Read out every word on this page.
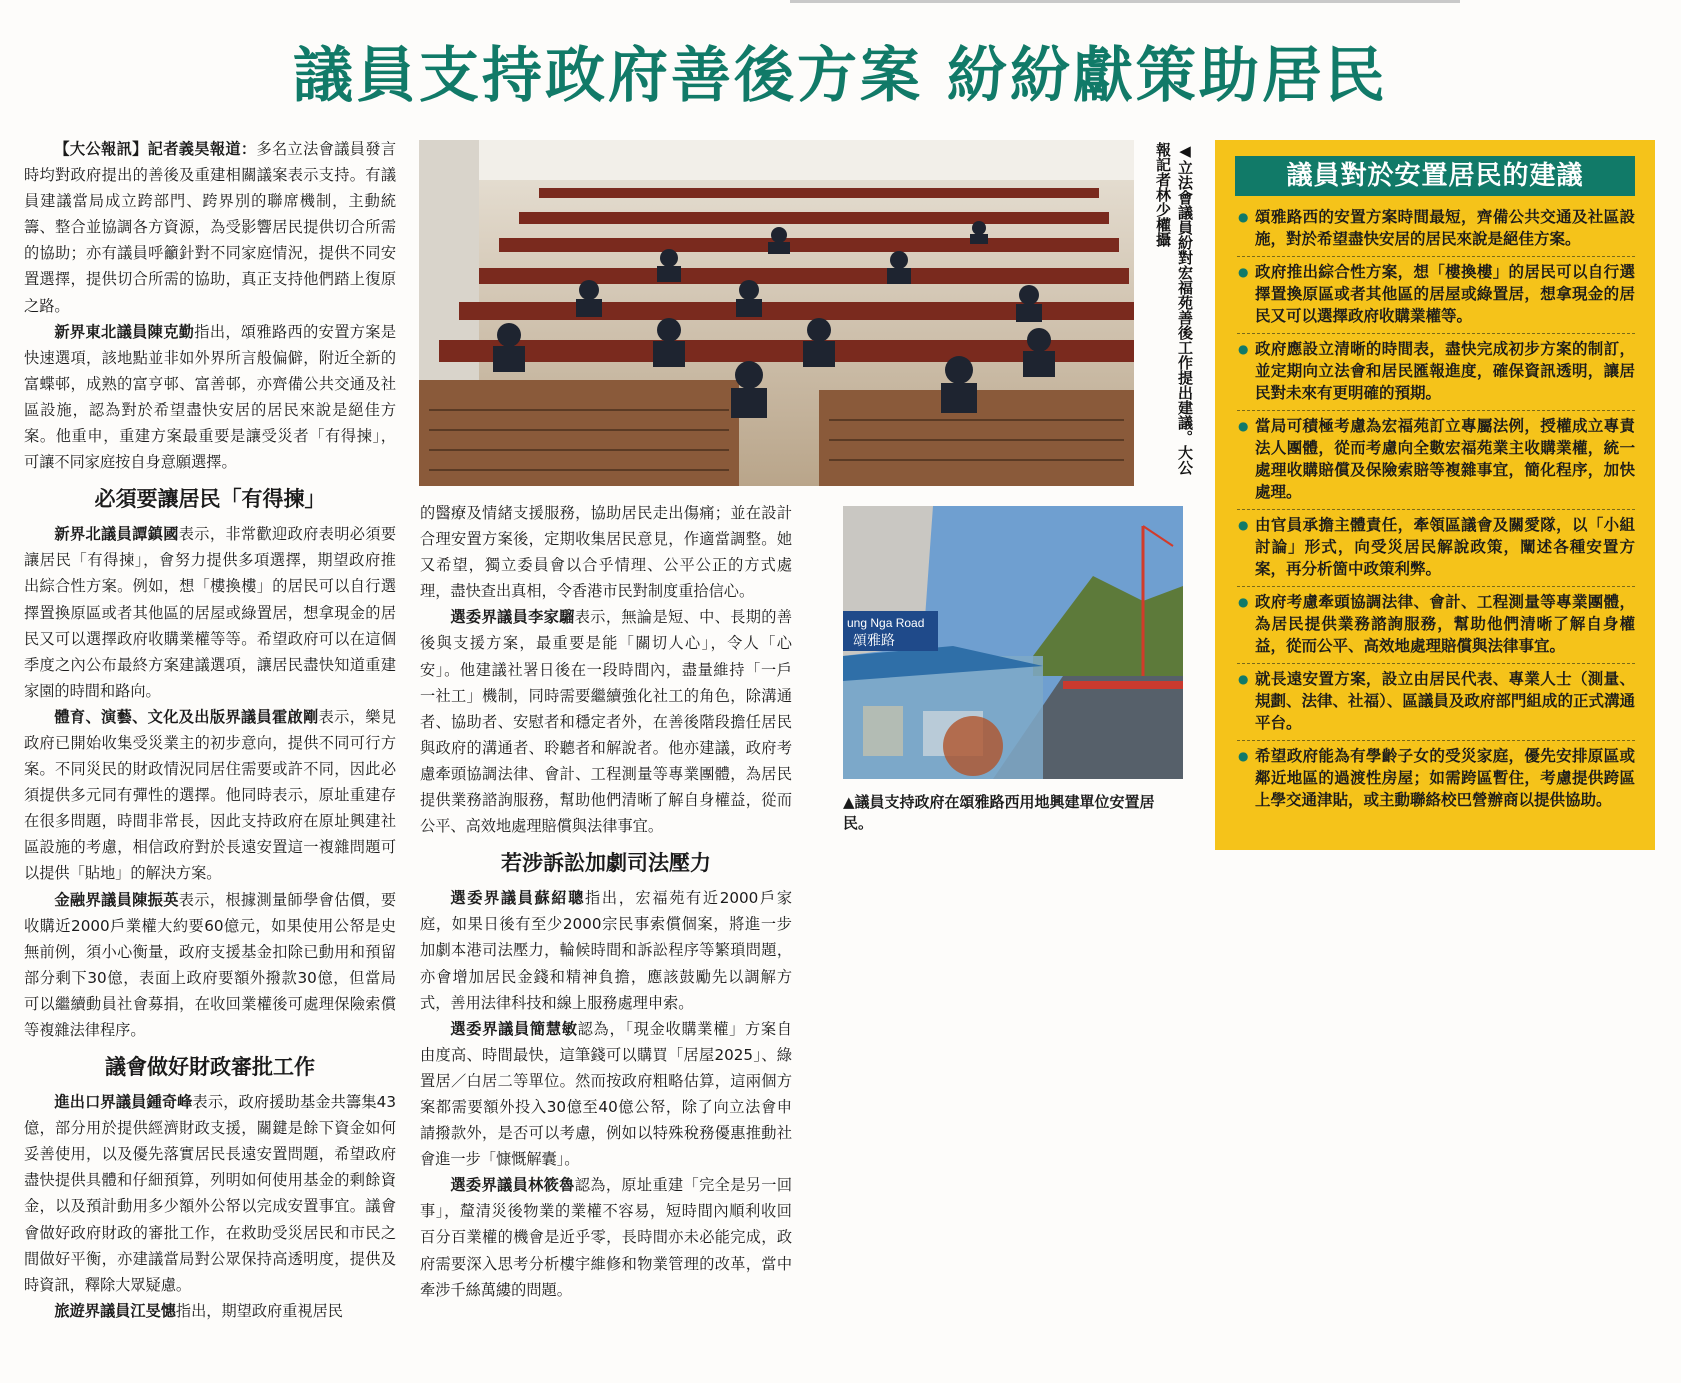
議員支持政府善後方案 紛紛獻策助居民

【大公報訊】記者義昊報道：多名立法會議員發言時均對政府提出的善後及重建相關議案表示支持。有議員建議當局成立跨部門、跨界別的聯席機制，主動統籌、整合並協調各方資源，為受影響居民提供切合所需的協助；亦有議員呼籲針對不同家庭情況，提供不同安置選擇，提供切合所需的協助，真正支持他們踏上復原之路。

新界東北議員陳克勤指出，頌雅路西的安置方案是快速選項，該地點並非如外界所言般偏僻，附近全新的富蝶邨，成熟的富亨邨、富善邨，亦齊備公共交通及社區設施，認為對於希望盡快安居的居民來說是絕佳方案。他重申，重建方案最重要是讓受災者「有得揀」，可讓不同家庭按自身意願選擇。

必須要讓居民「有得揀」

新界北議員譚鎮國表示，非常歡迎政府表明必須要讓居民「有得揀」，會努力提供多項選擇，期望政府推出綜合性方案。例如，想「樓換樓」的居民可以自行選擇置換原區或者其他區的居屋或綠置居，想拿現金的居民又可以選擇政府收購業權等等。希望政府可以在這個季度之內公布最終方案建議選項，讓居民盡快知道重建家園的時間和路向。

體育、演藝、文化及出版界議員霍啟剛表示，樂見政府已開始收集受災業主的初步意向，提供不同可行方案。不同災民的財政情況同居住需要或許不同，因此必須提供多元同有彈性的選擇。他同時表示，原址重建存在很多問題，時間非常長，因此支持政府在原址興建社區設施的考慮，相信政府對於長遠安置這一複雜問題可以提供「貼地」的解決方案。

金融界議員陳振英表示，根據測量師學會估價，要收購近2000戶業權大約要60億元，如果使用公帑是史無前例，須小心衡量，政府支援基金扣除已動用和預留部分剩下30億，表面上政府要額外撥款30億，但當局可以繼續動員社會募捐，在收回業權後可處理保險索償等複雜法律程序。

議會做好財政審批工作

進出口界議員鍾奇峰表示，政府援助基金共籌集43億，部分用於提供經濟財政支援，關鍵是餘下資金如何妥善使用，以及優先落實居民長遠安置問題，希望政府盡快提供具體和仔細預算，列明如何使用基金的剩餘資金，以及預計動用多少額外公帑以完成安置事宜。議會會做好政府財政的審批工作，在救助受災居民和市民之間做好平衡，亦建議當局對公眾保持高透明度，提供及時資訊，釋除大眾疑慮。

旅遊界議員江旻憓指出，期望政府重視居民

◀立法會議員紛對宏福苑善後工作提出建議。大公報記者林少權攝
ung Nga Road
頌雅路
▲議員支持政府在頌雅路西用地興建單位安置居民。

的醫療及情緒支援服務，協助居民走出傷痛；並在設計合理安置方案後，定期收集居民意見，作適當調整。她又希望，獨立委員會以合乎情理、公平公正的方式處理，盡快查出真相，令香港市民對制度重拾信心。

選委界議員李家騮表示，無論是短、中、長期的善後與支援方案，最重要是能「關切人心」，令人「心安」。他建議社署日後在一段時間內，盡量維持「一戶一社工」機制，同時需要繼續強化社工的角色，除溝通者、協助者、安慰者和穩定者外，在善後階段擔任居民與政府的溝通者、聆聽者和解說者。他亦建議，政府考慮牽頭協調法律、會計、工程測量等專業團體，為居民提供業務諮詢服務，幫助他們清晰了解自身權益，從而公平、高效地處理賠償與法律事宜。

若涉訴訟加劇司法壓力

選委界議員蘇紹聰指出，宏福苑有近2000戶家庭，如果日後有至少2000宗民事索償個案，將進一步加劇本港司法壓力，輪候時間和訴訟程序等繁瑣問題，亦會增加居民金錢和精神負擔，應該鼓勵先以調解方式，善用法律科技和線上服務處理申索。

選委界議員簡慧敏認為，「現金收購業權」方案自由度高、時間最快，這筆錢可以購買「居屋2025」、綠置居／白居二等單位。然而按政府粗略估算，這兩個方案都需要額外投入30億至40億公帑，除了向立法會申請撥款外，是否可以考慮，例如以特殊稅務優惠推動社會進一步「慷慨解囊」。

選委界議員林筱魯認為，原址重建「完全是另一回事」，釐清災後物業的業權不容易，短時間內順利收回百分百業權的機會是近乎零，長時間亦未必能完成，政府需要深入思考分析樓宇維修和物業管理的改革，當中牽涉千絲萬縷的問題。

議員對於安置居民的建議
● 頌雅路西的安置方案時間最短，齊備公共交通及社區設施，對於希望盡快安居的居民來說是絕佳方案。
● 政府推出綜合性方案，想「樓換樓」的居民可以自行選擇置換原區或者其他區的居屋或綠置居，想拿現金的居民又可以選擇政府收購業權等。
● 政府應設立清晰的時間表，盡快完成初步方案的制訂，並定期向立法會和居民匯報進度，確保資訊透明，讓居民對未來有更明確的預期。
● 當局可積極考慮為宏福苑訂立專屬法例，授權成立專責法人團體，從而考慮向全數宏福苑業主收購業權，統一處理收購賠償及保險索賠等複雜事宜，簡化程序，加快處理。
● 由官員承擔主體責任，牽領區議會及關愛隊，以「小組討論」形式，向受災居民解說政策，闡述各種安置方案，再分析箇中政策利弊。
● 政府考慮牽頭協調法律、會計、工程測量等專業團體，為居民提供業務諮詢服務，幫助他們清晰了解自身權益，從而公平、高效地處理賠償與法律事宜。
● 就長遠安置方案，設立由居民代表、專業人士（測量、規劃、法律、社福）、區議員及政府部門組成的正式溝通平台。
● 希望政府能為有學齡子女的受災家庭，優先安排原區或鄰近地區的過渡性房屋；如需跨區暫住，考慮提供跨區上學交通津貼，或主動聯絡校巴營辦商以提供協助。
